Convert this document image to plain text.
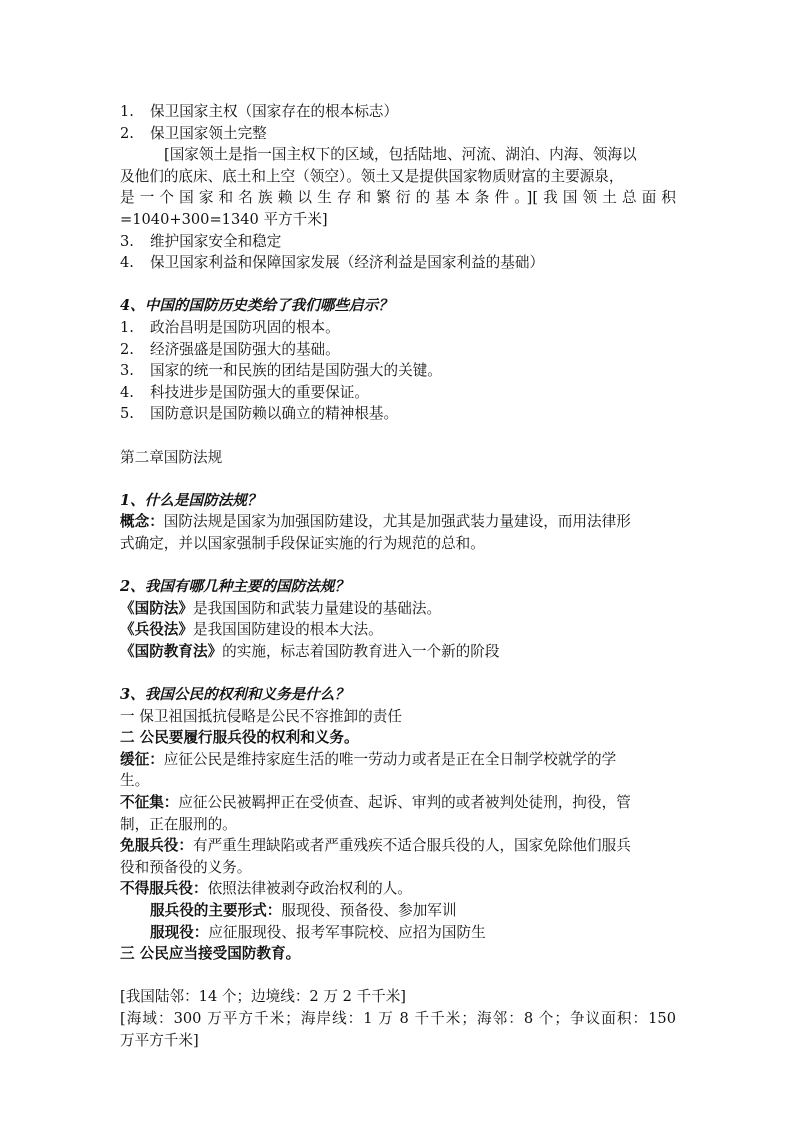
1. 保卫国家主权（国家存在的根本标志）
2. 保卫国家领土完整
[国家领土是指一国主权下的区域，包括陆地、河流、湖泊、内海、领海以
及他们的底床、底土和上空（领空）。领土又是提供国家物质财富的主要源泉，
是一个国家和名族赖以生存和繁衍的基本条件。][我国领土总面积
=1040+300=1340 平方千米]
3. 维护国家安全和稳定
4. 保卫国家利益和保障国家发展（经济利益是国家利益的基础）
4、中国的国防历史类给了我们哪些启示？
1. 政治昌明是国防巩固的根本。
2. 经济强盛是国防强大的基础。
3. 国家的统一和民族的团结是国防强大的关键。
4. 科技进步是国防强大的重要保证。
5. 国防意识是国防赖以确立的精神根基。
第二章国防法规
1、什么是国防法规？
概念：国防法规是国家为加强国防建设，尤其是加强武装力量建设，而用法律形
式确定，并以国家强制手段保证实施的行为规范的总和。
2、我国有哪几种主要的国防法规？
《国防法》是我国国防和武装力量建设的基础法。
《兵役法》是我国国防建设的根本大法。
《国防教育法》的实施，标志着国防教育进入一个新的阶段
3、我国公民的权利和义务是什么？
一 保卫祖国抵抗侵略是公民不容推卸的责任
二 公民要履行服兵役的权利和义务。
缓征：应征公民是维持家庭生活的唯一劳动力或者是正在全日制学校就学的学
生。
不征集：应征公民被羁押正在受侦查、起诉、审判的或者被判处徒刑，拘役，管
制，正在服刑的。
免服兵役：有严重生理缺陷或者严重残疾不适合服兵役的人，国家免除他们服兵
役和预备役的义务。
不得服兵役：依照法律被剥夺政治权利的人。
服兵役的主要形式：服现役、预备役、参加军训
服现役：应征服现役、报考军事院校、应招为国防生
三 公民应当接受国防教育。
[我国陆邻：14 个；边境线：2 万 2 千千米]
[海域：300 万平方千米；海岸线：1 万 8 千千米；海邻：8 个；争议面积：150
万平方千米]
